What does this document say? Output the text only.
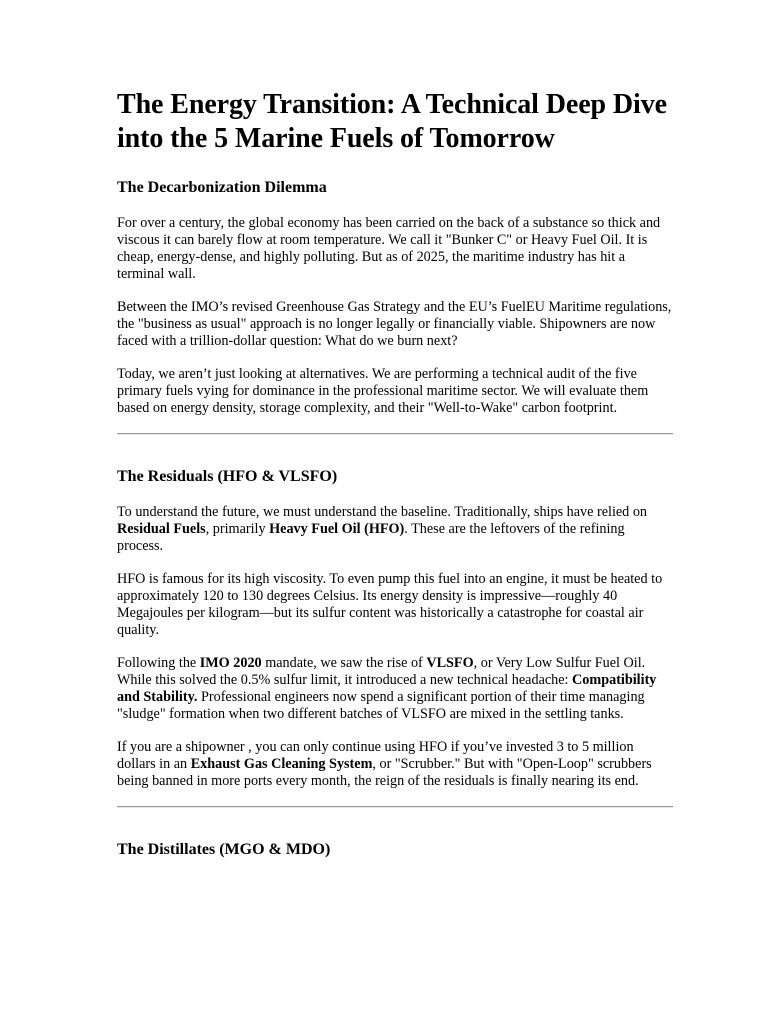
The Energy Transition: A Technical Deep Dive into the 5 Marine Fuels of Tomorrow
The Decarbonization Dilemma

For over a century, the global economy has been carried on the back of a substance so thick and viscous it can barely flow at room temperature. We call it "Bunker C" or Heavy Fuel Oil. It is cheap, energy-dense, and highly polluting. But as of 2025, the maritime industry has hit a terminal wall.

Between the IMO’s revised Greenhouse Gas Strategy and the EU’s FuelEU Maritime regulations, the "business as usual" approach is no longer legally or financially viable. Shipowners are now faced with a trillion-dollar question: What do we burn next?

Today, we aren’t just looking at alternatives. We are performing a technical audit of the five primary fuels vying for dominance in the professional maritime sector. We will evaluate them based on energy density, storage complexity, and their "Well-to-Wake" carbon footprint.

The Residuals (HFO & VLSFO)

To understand the future, we must understand the baseline. Traditionally, ships have relied on Residual Fuels, primarily Heavy Fuel Oil (HFO). These are the leftovers of the refining process.

HFO is famous for its high viscosity. To even pump this fuel into an engine, it must be heated to approximately 120 to 130 degrees Celsius. Its energy density is impressive—roughly 40 Megajoules per kilogram—but its sulfur content was historically a catastrophe for coastal air quality.

Following the IMO 2020 mandate, we saw the rise of VLSFO, or Very Low Sulfur Fuel Oil. While this solved the 0.5% sulfur limit, it introduced a new technical headache: Compatibility and Stability. Professional engineers now spend a significant portion of their time managing "sludge" formation when two different batches of VLSFO are mixed in the settling tanks.

If you are a shipowner , you can only continue using HFO if you’ve invested 3 to 5 million dollars in an Exhaust Gas Cleaning System, or "Scrubber." But with "Open-Loop" scrubbers being banned in more ports every month, the reign of the residuals is finally nearing its end.

The Distillates (MGO & MDO)
